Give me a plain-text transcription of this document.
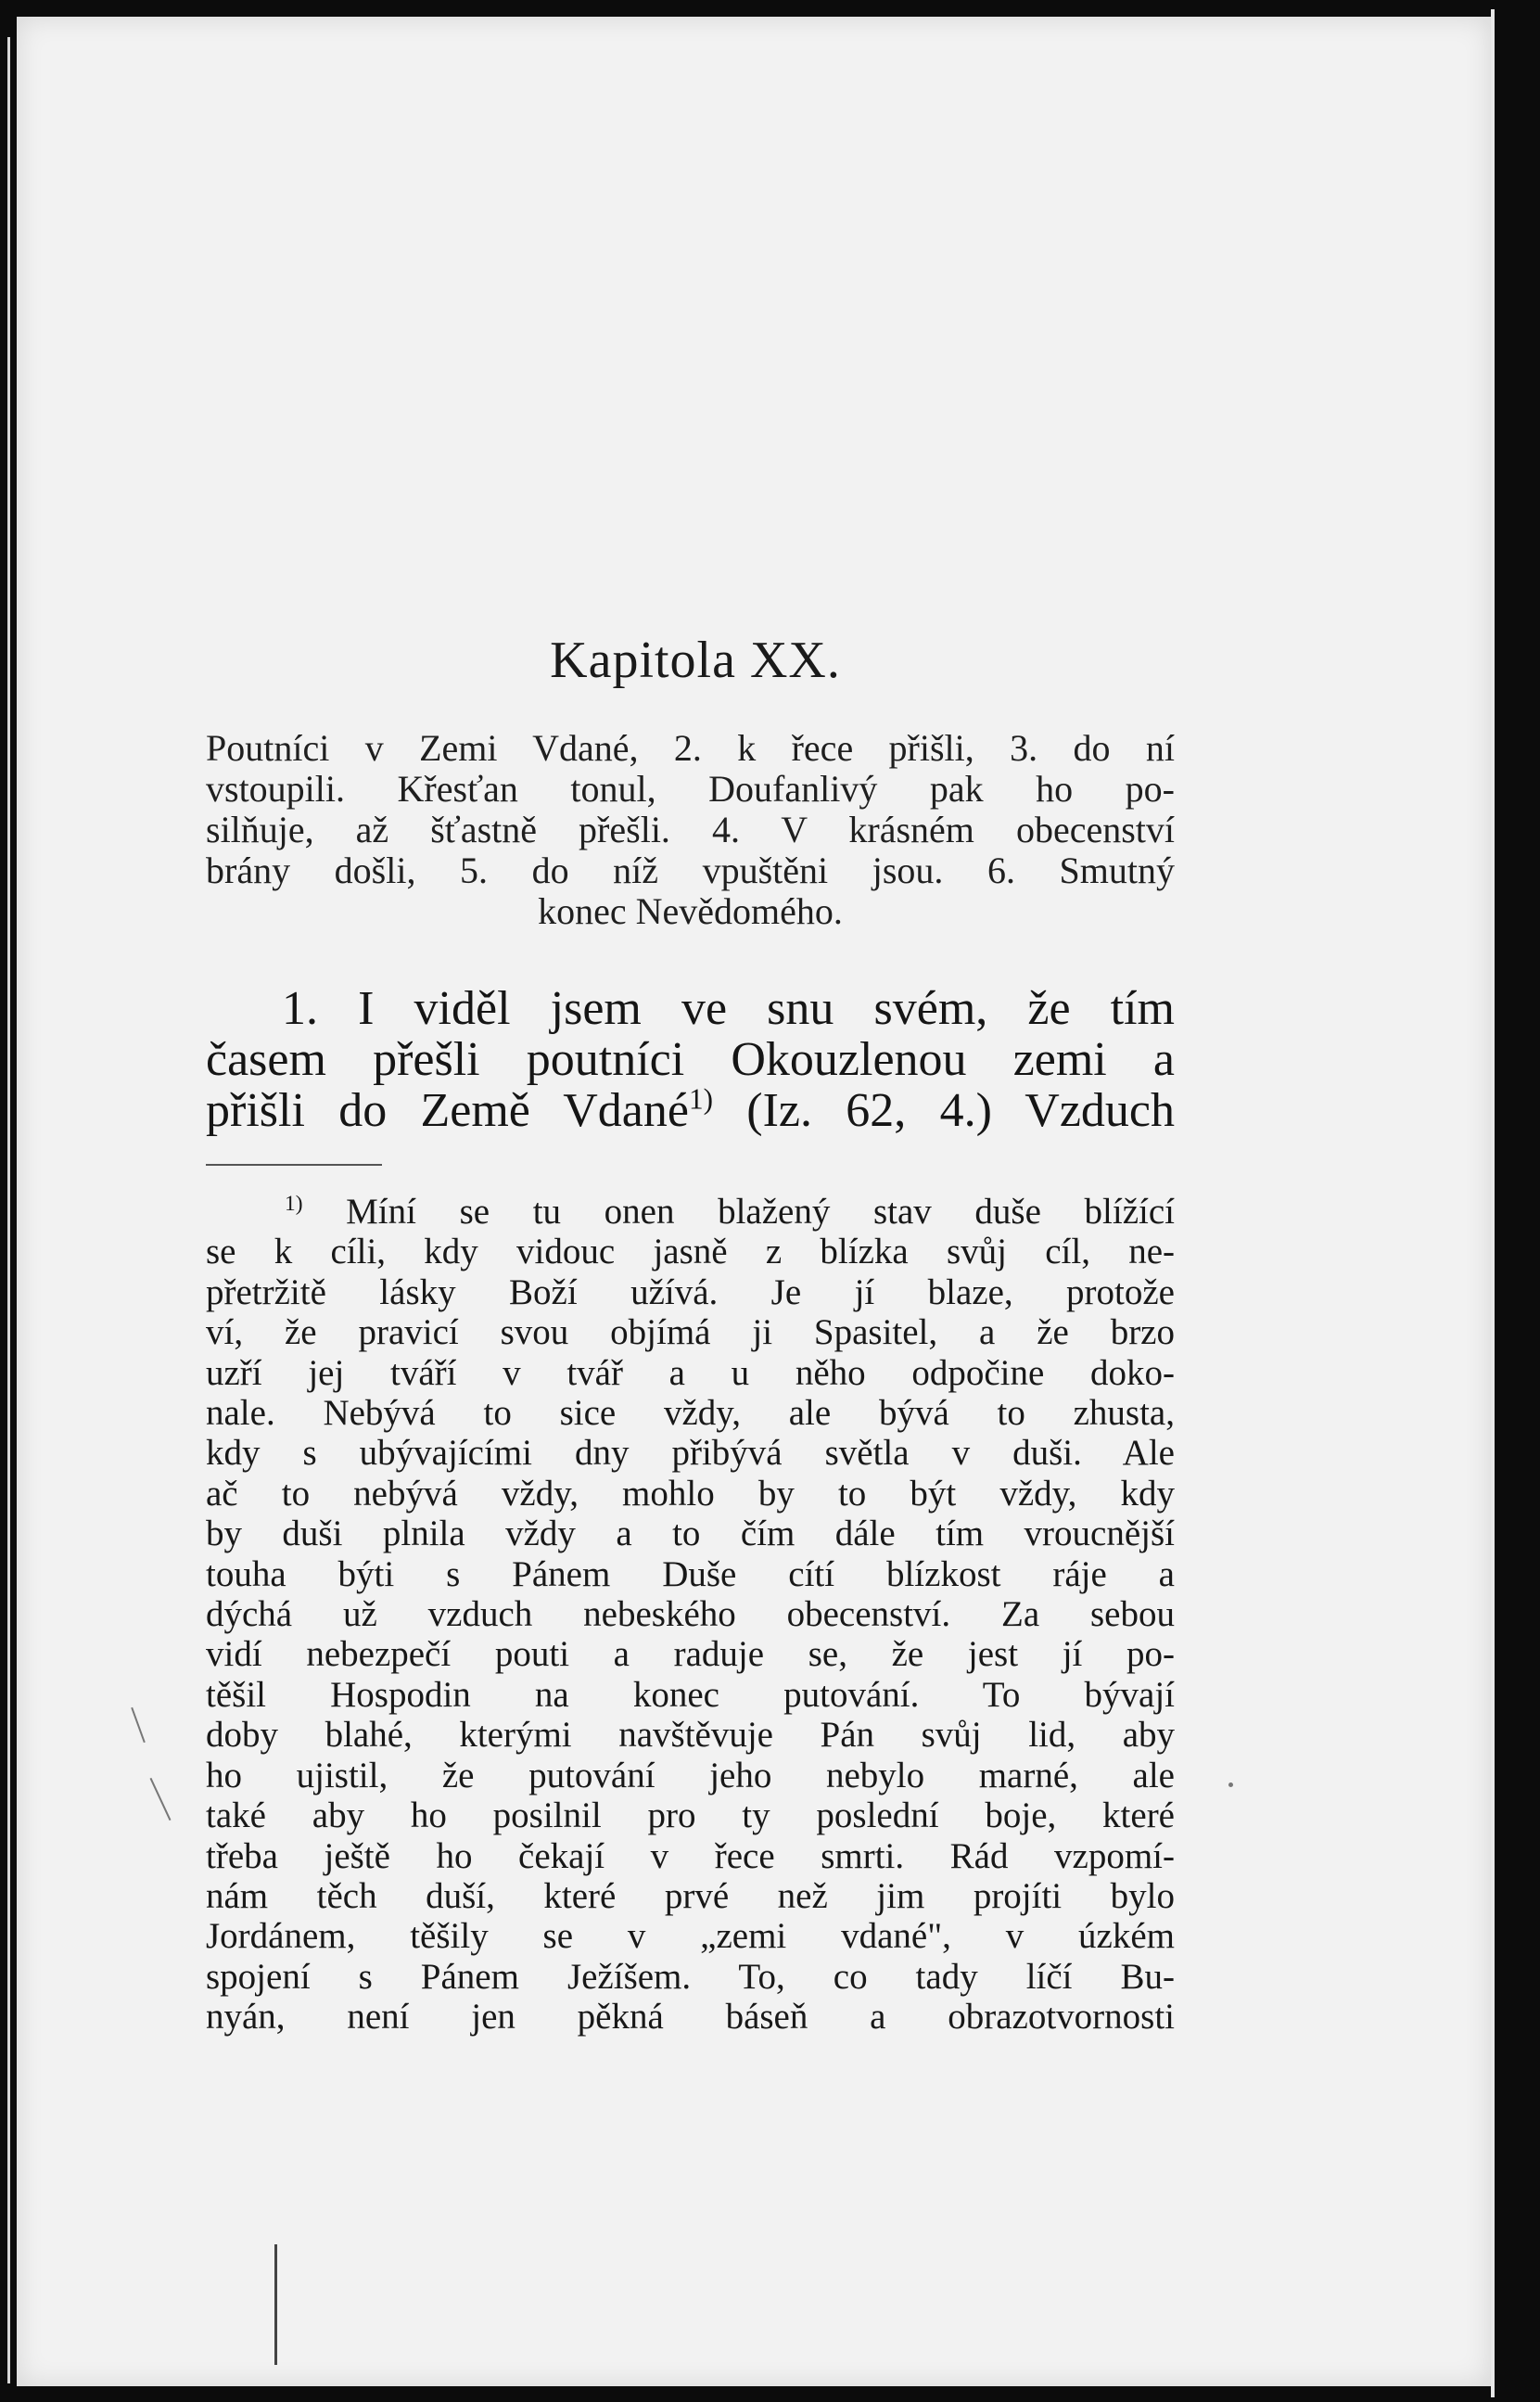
Kapitola XX.
Poutníci v Zemi Vdané, 2. k řece přišli, 3. do ní
vstoupili. Křesťan tonul, Doufanlivý pak ho po-
silňuje, až šťastně přešli. 4. V krásném obecenství
brány došli, 5. do níž vpuštěni jsou. 6. Smutný
konec Nevědomého.
1. I viděl jsem ve snu svém, že tím
časem přešli poutníci Okouzlenou zemi a
přišli do Země Vdané$^{1)}$ (Iz. 62, 4.) Vzduch
$^{1)}$ Míní se tu onen blažený stav duše blížící
se k cíli, kdy vidouc jasně z blízka svůj cíl, ne-
přetržitě lásky Boží užívá. Je jí blaze, protože
ví, že pravicí svou objímá ji Spasitel, a že brzo
uzří jej tváří v tvář a u něho odpočine doko-
nale. Nebývá to sice vždy, ale bývá to zhusta,
kdy s ubývajícími dny přibývá světla v duši. Ale
ač to nebývá vždy, mohlo by to být vždy, kdy
by duši plnila vždy a to čím dále tím vroucnější
touha býti s Pánem Duše cítí blízkost ráje a
dýchá už vzduch nebeského obecenství. Za sebou
vidí nebezpečí pouti a raduje se, že jest jí po-
těšil Hospodin na konec putování. To bývají
doby blahé, kterými navštěvuje Pán svůj lid, aby
ho ujistil, že putování jeho nebylo marné, ale
také aby ho posilnil pro ty poslední boje, které
třeba ještě ho čekají v řece smrti. Rád vzpomí-
nám těch duší, které prvé než jim projíti bylo
Jordánem, těšily se v „zemi vdané", v úzkém
spojení s Pánem Ježíšem. To, co tady líčí Bu-
nyán, není jen pěkná báseň a obrazotvornosti
